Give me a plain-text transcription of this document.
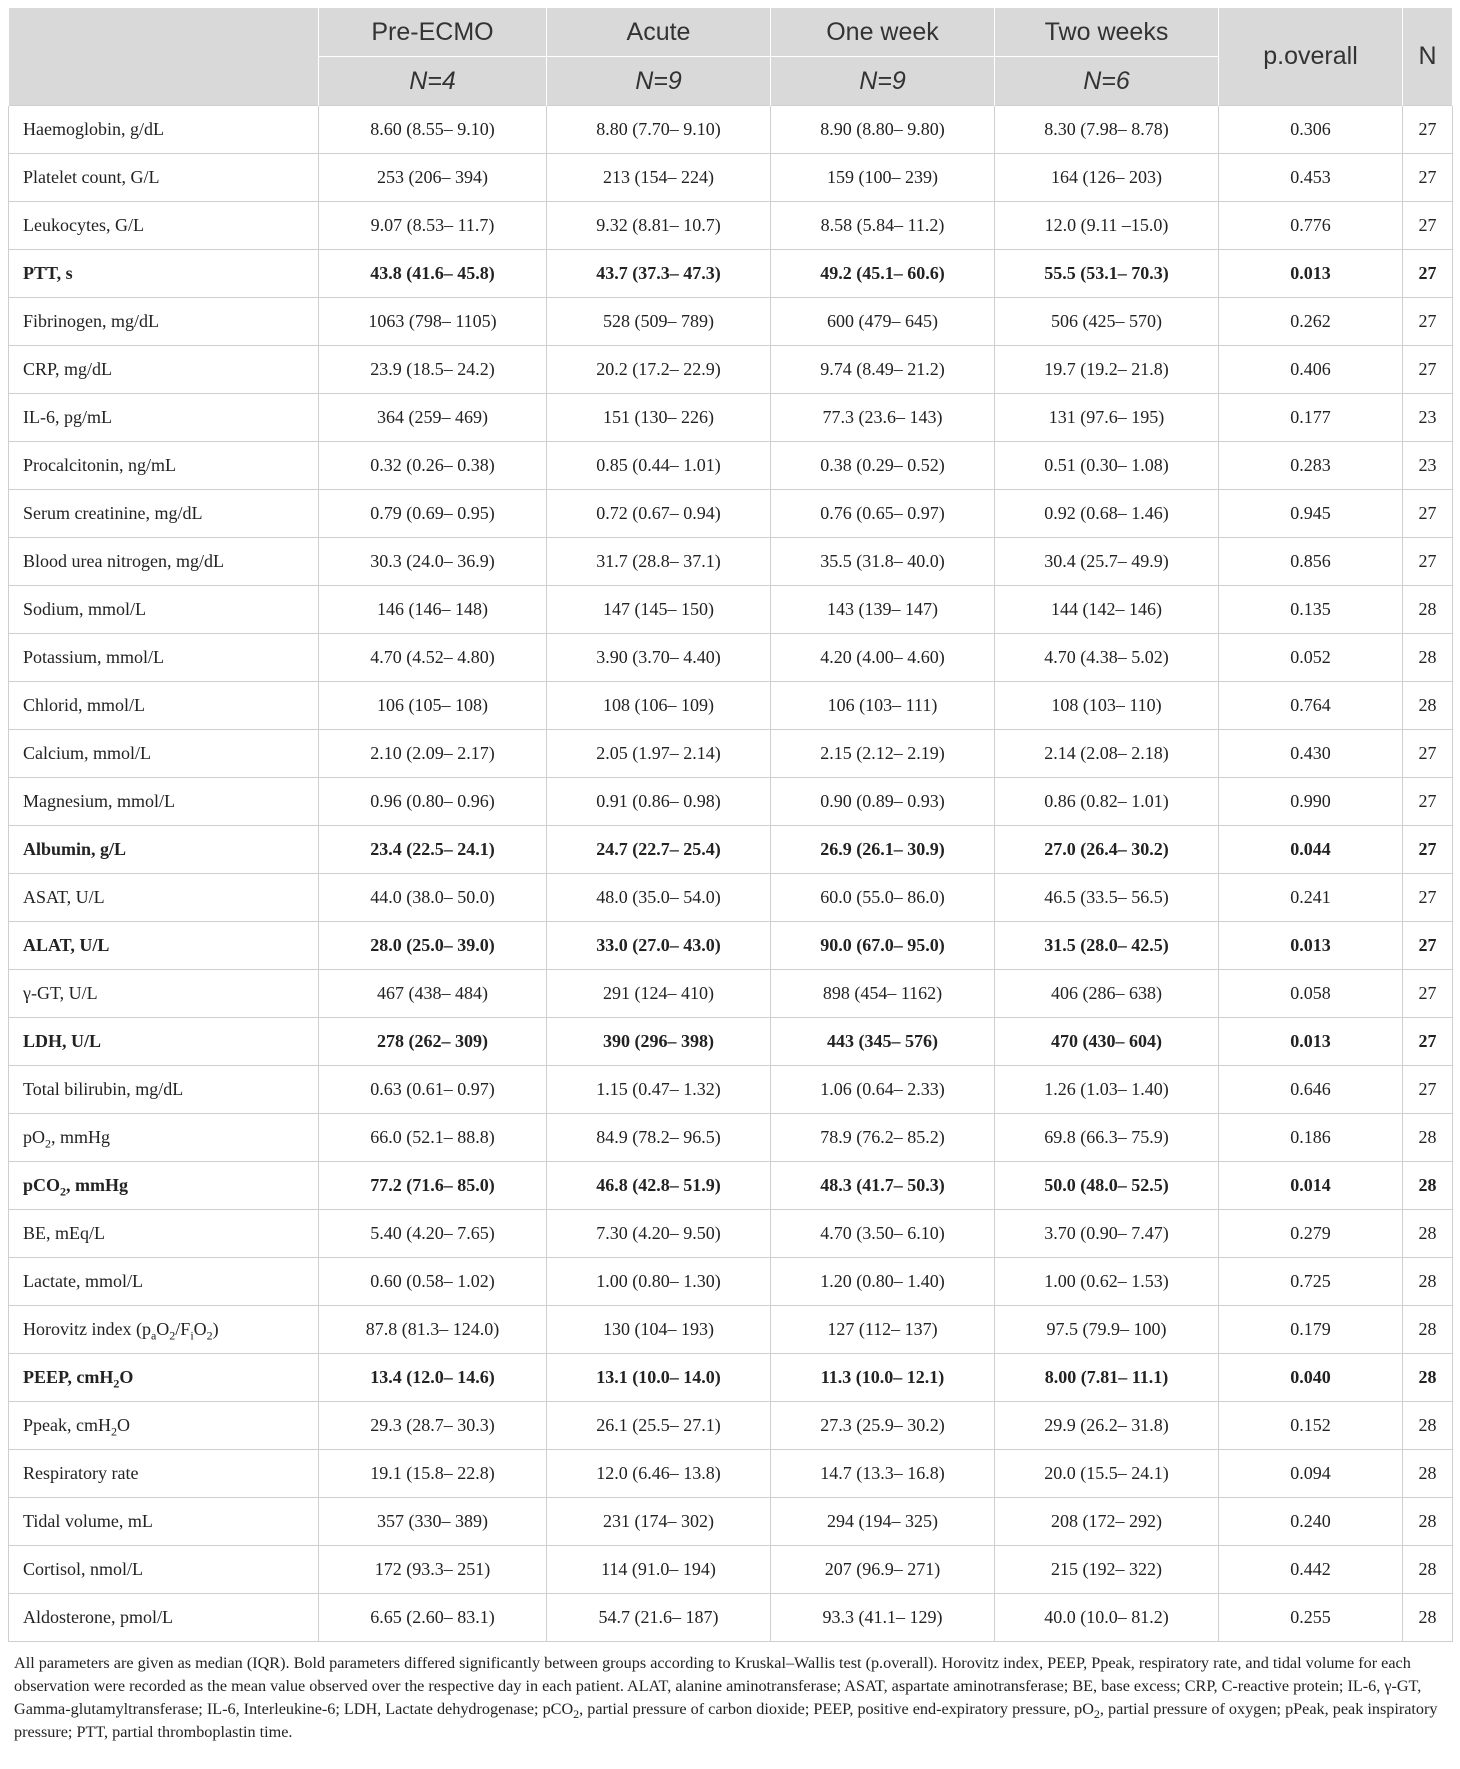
	Pre-ECMO	Acute	One week	Two weeks	p.overall	N
	N=4	N=9	N=9	N=6		
Haemoglobin, g/dL	8.60 (8.55– 9.10)	8.80 (7.70– 9.10)	8.90 (8.80– 9.80)	8.30 (7.98– 8.78)	0.306	27
Platelet count, G/L	253 (206– 394)	213 (154– 224)	159 (100– 239)	164 (126– 203)	0.453	27
Leukocytes, G/L	9.07 (8.53– 11.7)	9.32 (8.81– 10.7)	8.58 (5.84– 11.2)	12.0 (9.11 –15.0)	0.776	27
PTT, s	43.8 (41.6– 45.8)	43.7 (37.3– 47.3)	49.2 (45.1– 60.6)	55.5 (53.1– 70.3)	0.013	27
Fibrinogen, mg/dL	1063 (798– 1105)	528 (509– 789)	600 (479– 645)	506 (425– 570)	0.262	27
CRP, mg/dL	23.9 (18.5– 24.2)	20.2 (17.2– 22.9)	9.74 (8.49– 21.2)	19.7 (19.2– 21.8)	0.406	27
IL-6, pg/mL	364 (259– 469)	151 (130– 226)	77.3 (23.6– 143)	131 (97.6– 195)	0.177	23
Procalcitonin, ng/mL	0.32 (0.26– 0.38)	0.85 (0.44– 1.01)	0.38 (0.29– 0.52)	0.51 (0.30– 1.08)	0.283	23
Serum creatinine, mg/dL	0.79 (0.69– 0.95)	0.72 (0.67– 0.94)	0.76 (0.65– 0.97)	0.92 (0.68– 1.46)	0.945	27
Blood urea nitrogen, mg/dL	30.3 (24.0– 36.9)	31.7 (28.8– 37.1)	35.5 (31.8– 40.0)	30.4 (25.7– 49.9)	0.856	27
Sodium, mmol/L	146 (146– 148)	147 (145– 150)	143 (139– 147)	144 (142– 146)	0.135	28
Potassium, mmol/L	4.70 (4.52– 4.80)	3.90 (3.70– 4.40)	4.20 (4.00– 4.60)	4.70 (4.38– 5.02)	0.052	28
Chlorid, mmol/L	106 (105– 108)	108 (106– 109)	106 (103– 111)	108 (103– 110)	0.764	28
Calcium, mmol/L	2.10 (2.09– 2.17)	2.05 (1.97– 2.14)	2.15 (2.12– 2.19)	2.14 (2.08– 2.18)	0.430	27
Magnesium, mmol/L	0.96 (0.80– 0.96)	0.91 (0.86– 0.98)	0.90 (0.89– 0.93)	0.86 (0.82– 1.01)	0.990	27
Albumin, g/L	23.4 (22.5– 24.1)	24.7 (22.7– 25.4)	26.9 (26.1– 30.9)	27.0 (26.4– 30.2)	0.044	27
ASAT, U/L	44.0 (38.0– 50.0)	48.0 (35.0– 54.0)	60.0 (55.0– 86.0)	46.5 (33.5– 56.5)	0.241	27
ALAT, U/L	28.0 (25.0– 39.0)	33.0 (27.0– 43.0)	90.0 (67.0– 95.0)	31.5 (28.0– 42.5)	0.013	27
γ-GT, U/L	467 (438– 484)	291 (124– 410)	898 (454– 1162)	406 (286– 638)	0.058	27
LDH, U/L	278 (262– 309)	390 (296– 398)	443 (345– 576)	470 (430– 604)	0.013	27
Total bilirubin, mg/dL	0.63 (0.61– 0.97)	1.15 (0.47– 1.32)	1.06 (0.64– 2.33)	1.26 (1.03– 1.40)	0.646	27
$pO_2$, mmHg	66.0 (52.1– 88.8)	84.9 (78.2– 96.5)	78.9 (76.2– 85.2)	69.8 (66.3– 75.9)	0.186	28
pCO$_2$, mmHg	77.2 (71.6– 85.0)	46.8 (42.8– 51.9)	48.3 (41.7– 50.3)	50.0 (48.0– 52.5)	0.014	28
BE, mEq/L	5.40 (4.20– 7.65)	7.30 (4.20– 9.50)	4.70 (3.50– 6.10)	3.70 (0.90– 7.47)	0.279	28
Lactate, mmol/L	0.60 (0.58– 1.02)	1.00 (0.80– 1.30)	1.20 (0.80– 1.40)	1.00 (0.62– 1.53)	0.725	28
Horovitz index $(p_aO_2/F_iO_2)$	87.8 (81.3– 124.0)	130 (104– 193)	127 (112– 137)	97.5 (79.9– 100)	0.179	28
PEEP, cmH$_2$O	13.4 (12.0– 14.6)	13.1 (10.0– 14.0)	11.3 (10.0– 12.1)	8.00 (7.81– 11.1)	0.040	28
Ppeak, cmH$_2$O	29.3 (28.7– 30.3)	26.1 (25.5– 27.1)	27.3 (25.9– 30.2)	29.9 (26.2– 31.8)	0.152	28
Respiratory rate	19.1 (15.8– 22.8)	12.0 (6.46– 13.8)	14.7 (13.3– 16.8)	20.0 (15.5– 24.1)	0.094	28
Tidal volume, mL	357 (330– 389)	231 (174– 302)	294 (194– 325)	208 (172– 292)	0.240	28
Cortisol, nmol/L	172 (93.3– 251)	114 (91.0– 194)	207 (96.9– 271)	215 (192– 322)	0.442	28
Aldosterone, pmol/L	6.65 (2.60– 83.1)	54.7 (21.6– 187)	93.3 (41.1– 129)	40.0 (10.0– 81.2)	0.255	28

All parameters are given as median (IQR). Bold parameters differed significantly between groups according to Kruskal–Wallis test (p.overall). Horovitz index, PEEP, Ppeak, respiratory rate, and tidal volume for each observation were recorded as the mean value observed over the respective day in each patient. ALAT, alanine aminotransferase; ASAT, aspartate aminotransferase; BE, base excess; CRP, C-reactive protein; IL-6, γ-GT, Gamma-glutamyltransferase; IL-6, Interleukine-6; LDH, Lactate dehydrogenase; pCO$_2$, partial pressure of carbon dioxide; PEEP, positive end-expiratory pressure, $pO_2$, partial pressure of oxygen; pPeak, peak inspiratory pressure; PTT, partial thromboplastin time.
